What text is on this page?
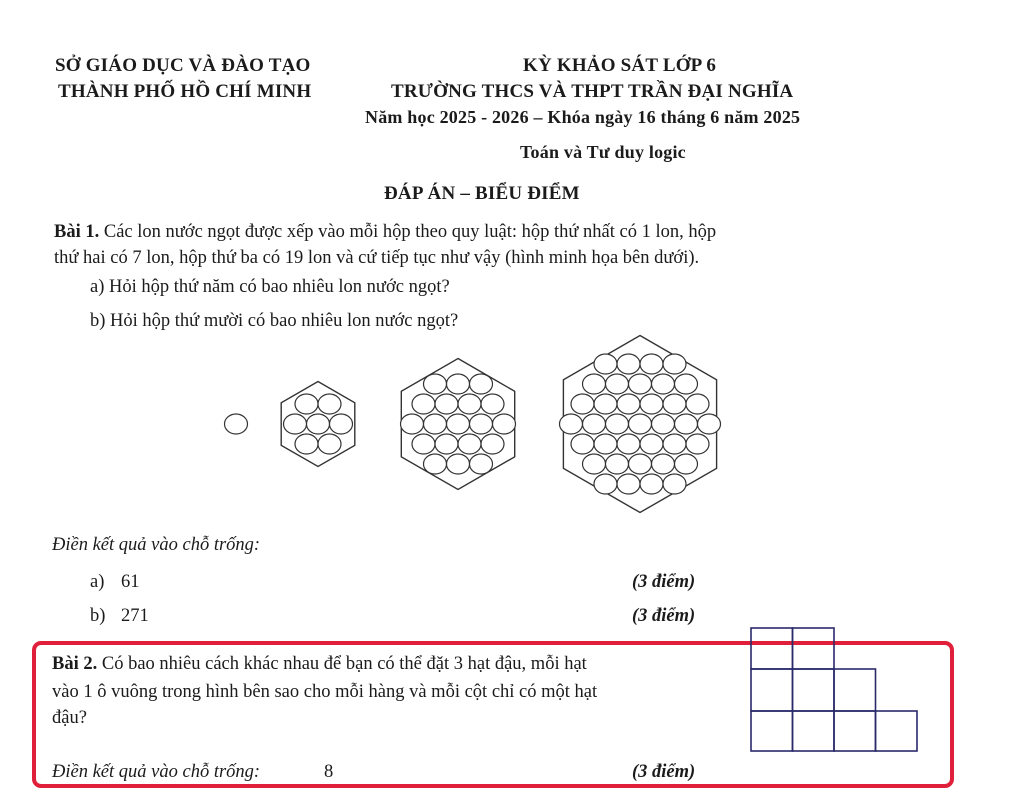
SỞ GIÁO DỤC VÀ ĐÀO TẠO
THÀNH PHỐ HỒ CHÍ MINH
KỲ KHẢO SÁT LỚP 6
TRƯỜNG THCS VÀ THPT TRẦN ĐẠI NGHĨA
Năm học 2025 - 2026 – Khóa ngày 16 tháng 6 năm 2025
Toán và Tư duy logic
ĐÁP ÁN – BIỂU ĐIỂM
Bài 1. Các lon nước ngọt được xếp vào mỗi hộp theo quy luật: hộp thứ nhất có 1 lon, hộp
thứ hai có 7 lon, hộp thứ ba có 19 lon và cứ tiếp tục như vậy (hình minh họa bên dưới).
a) Hỏi hộp thứ năm có bao nhiêu lon nước ngọt?
b) Hỏi hộp thứ mười có bao nhiêu lon nước ngọt?
Điền kết quả vào chỗ trống:
a) 61	(3 điểm)
b) 271	(3 điểm)
Bài 2. Có bao nhiêu cách khác nhau để bạn có thể đặt 3 hạt đậu, mỗi hạt
vào 1 ô vuông trong hình bên sao cho mỗi hàng và mỗi cột chỉ có một hạt
đậu?
Điền kết quả vào chỗ trống:	8	(3 điểm)
